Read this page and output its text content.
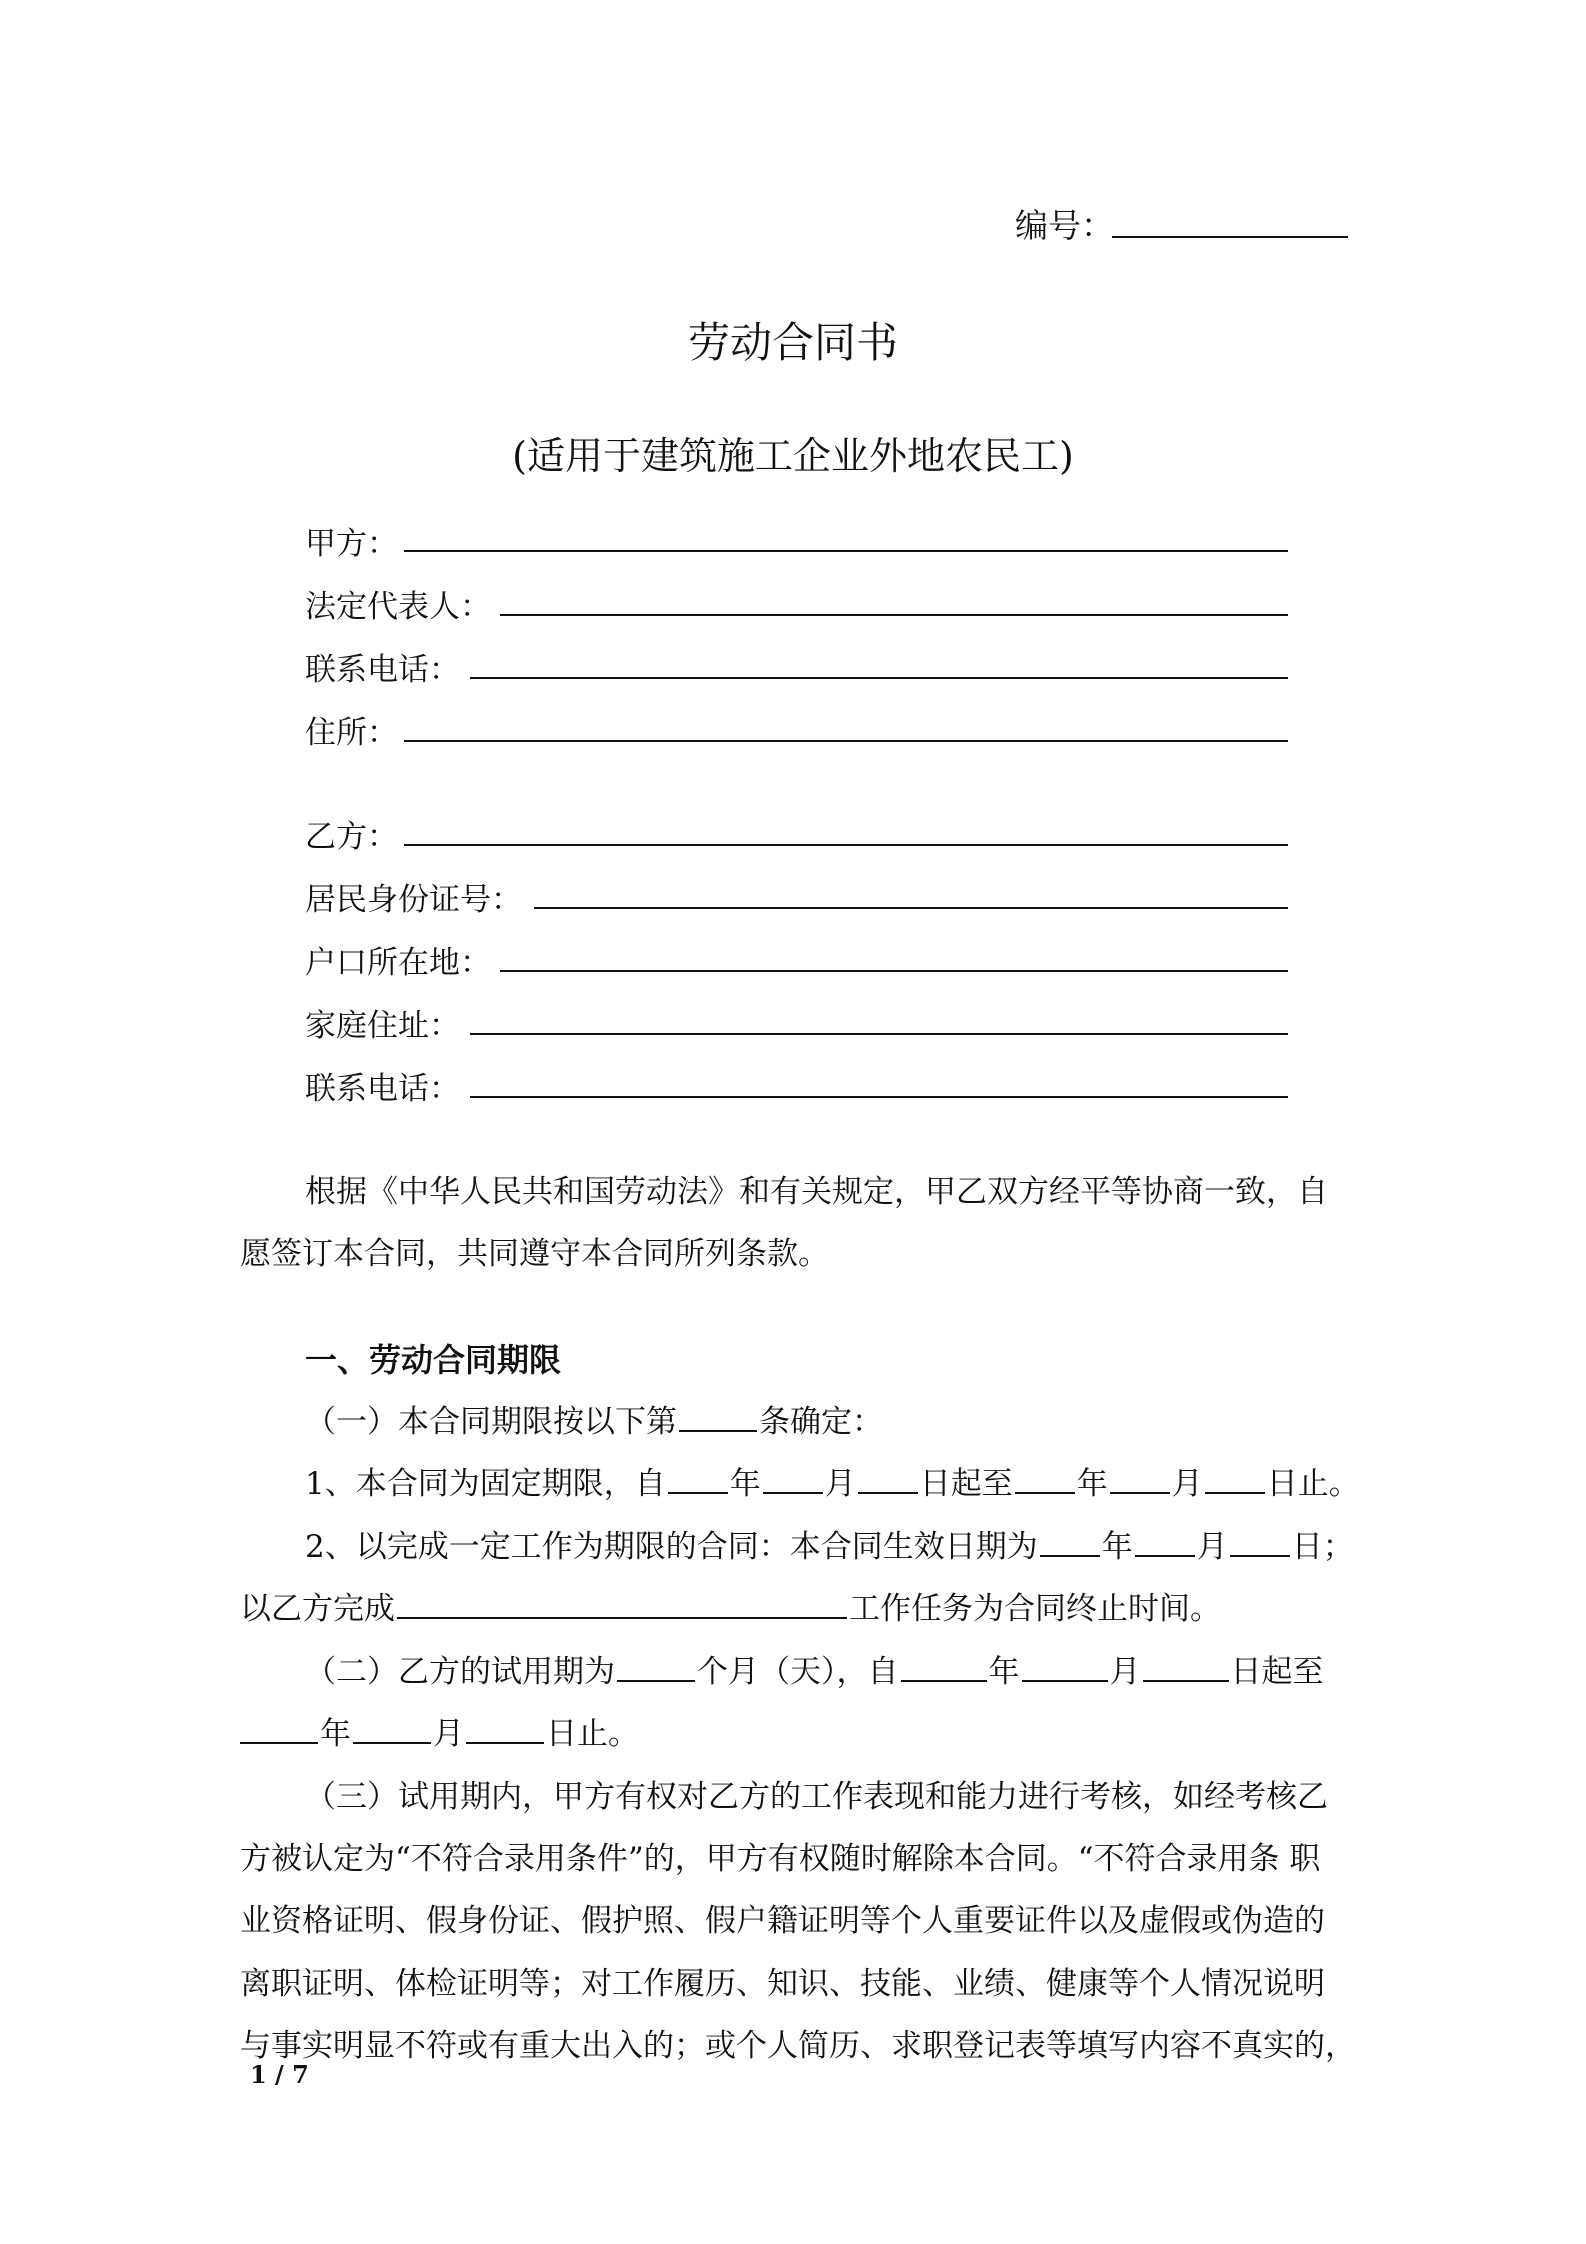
编号：
劳动合同书
(适用于建筑施工企业外地农民工)
甲方：
法定代表人：
联系电话：
住所：
乙方：
居民身份证号：
户口所在地：
家庭住址：
联系电话：
根据《中华人民共和国劳动法》和有关规定，甲乙双方经平等协商一致，自
愿签订本合同，共同遵守本合同所列条款。
一、劳动合同期限
（一）本合同期限按以下第	条确定：
1、本合同为固定期限，自 年 月 日起至 年 月 日止。
2、以完成一定工作为期限的合同：本合同生效日期为 年 月 日；
以乙方完成	工作任务为合同终止时间。
（二）乙方的试用期为	个月（天），自	年	月	日起至
年	月	日止。
（三）试用期内，甲方有权对乙方的工作表现和能力进行考核，如经考核乙
方被认定为“不符合录用条件”的，甲方有权随时解除本合同。“不符合录用条 职
业资格证明、假身份证、假护照、假户籍证明等个人重要证件以及虚假或伪造的
离职证明、体检证明等；对工作履历、知识、技能、业绩、健康等个人情况说明
与事实明显不符或有重大出入的；或个人简历、求职登记表等填写内容不真实的，
1 / 7
